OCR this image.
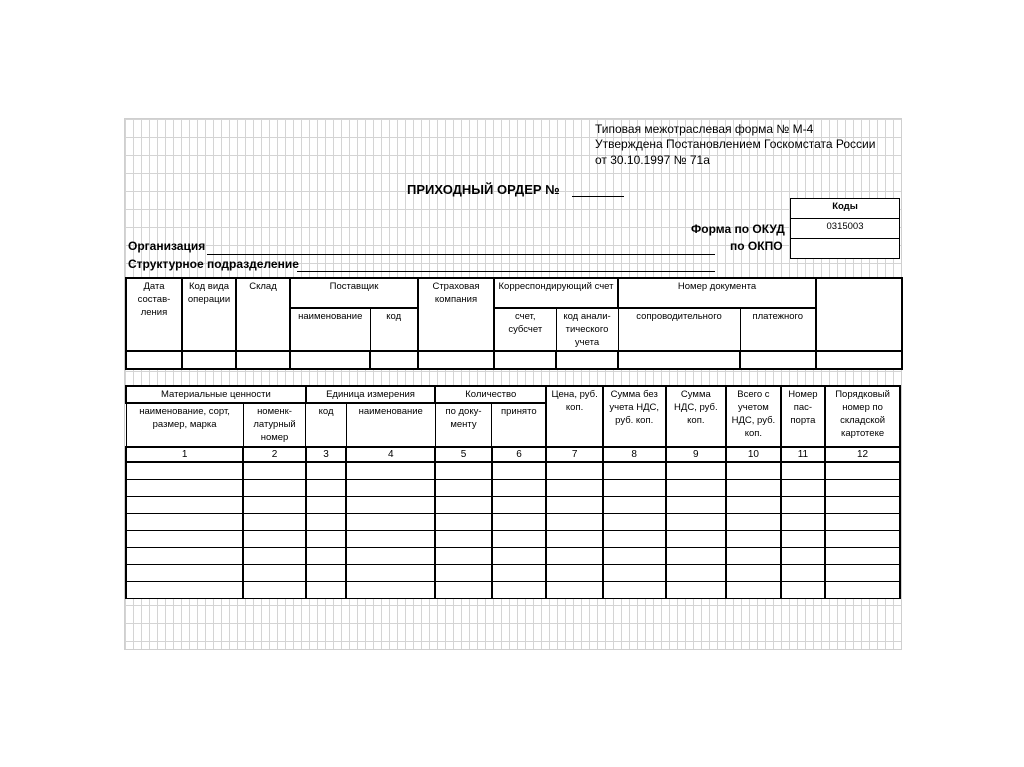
Типовая межотраслевая форма № М-4
Утверждена Постановлением Госкомстата России
от 30.10.1997 № 71а
ПРИХОДНЫЙ ОРДЕР №
Коды
0315003

Форма по ОКУД
по ОКПО
Организация
Структурное подразделение
Дата состав- ления	Код вида операции	Склад	Поставщик		Страховая компания	Корреспондирующий счет		Номер документа		
			наименование	код		счет, субсчет	код анали- тического учета	сопроводительного	платежного	

Материальные ценности		Единица измерения		Количество		Цена, руб. коп.	Сумма без учета НДС, руб. коп.	Сумма НДС, руб. коп.	Всего с учетом НДС, руб. коп.	Номер пас- порта	Порядковый номер по складской картотеке
наименование, сорт, размер, марка	номенк- латурный номер	код	наименование	по доку- менту	принято						
1	2	3	4	5	6	7	8	9	10	11	12
